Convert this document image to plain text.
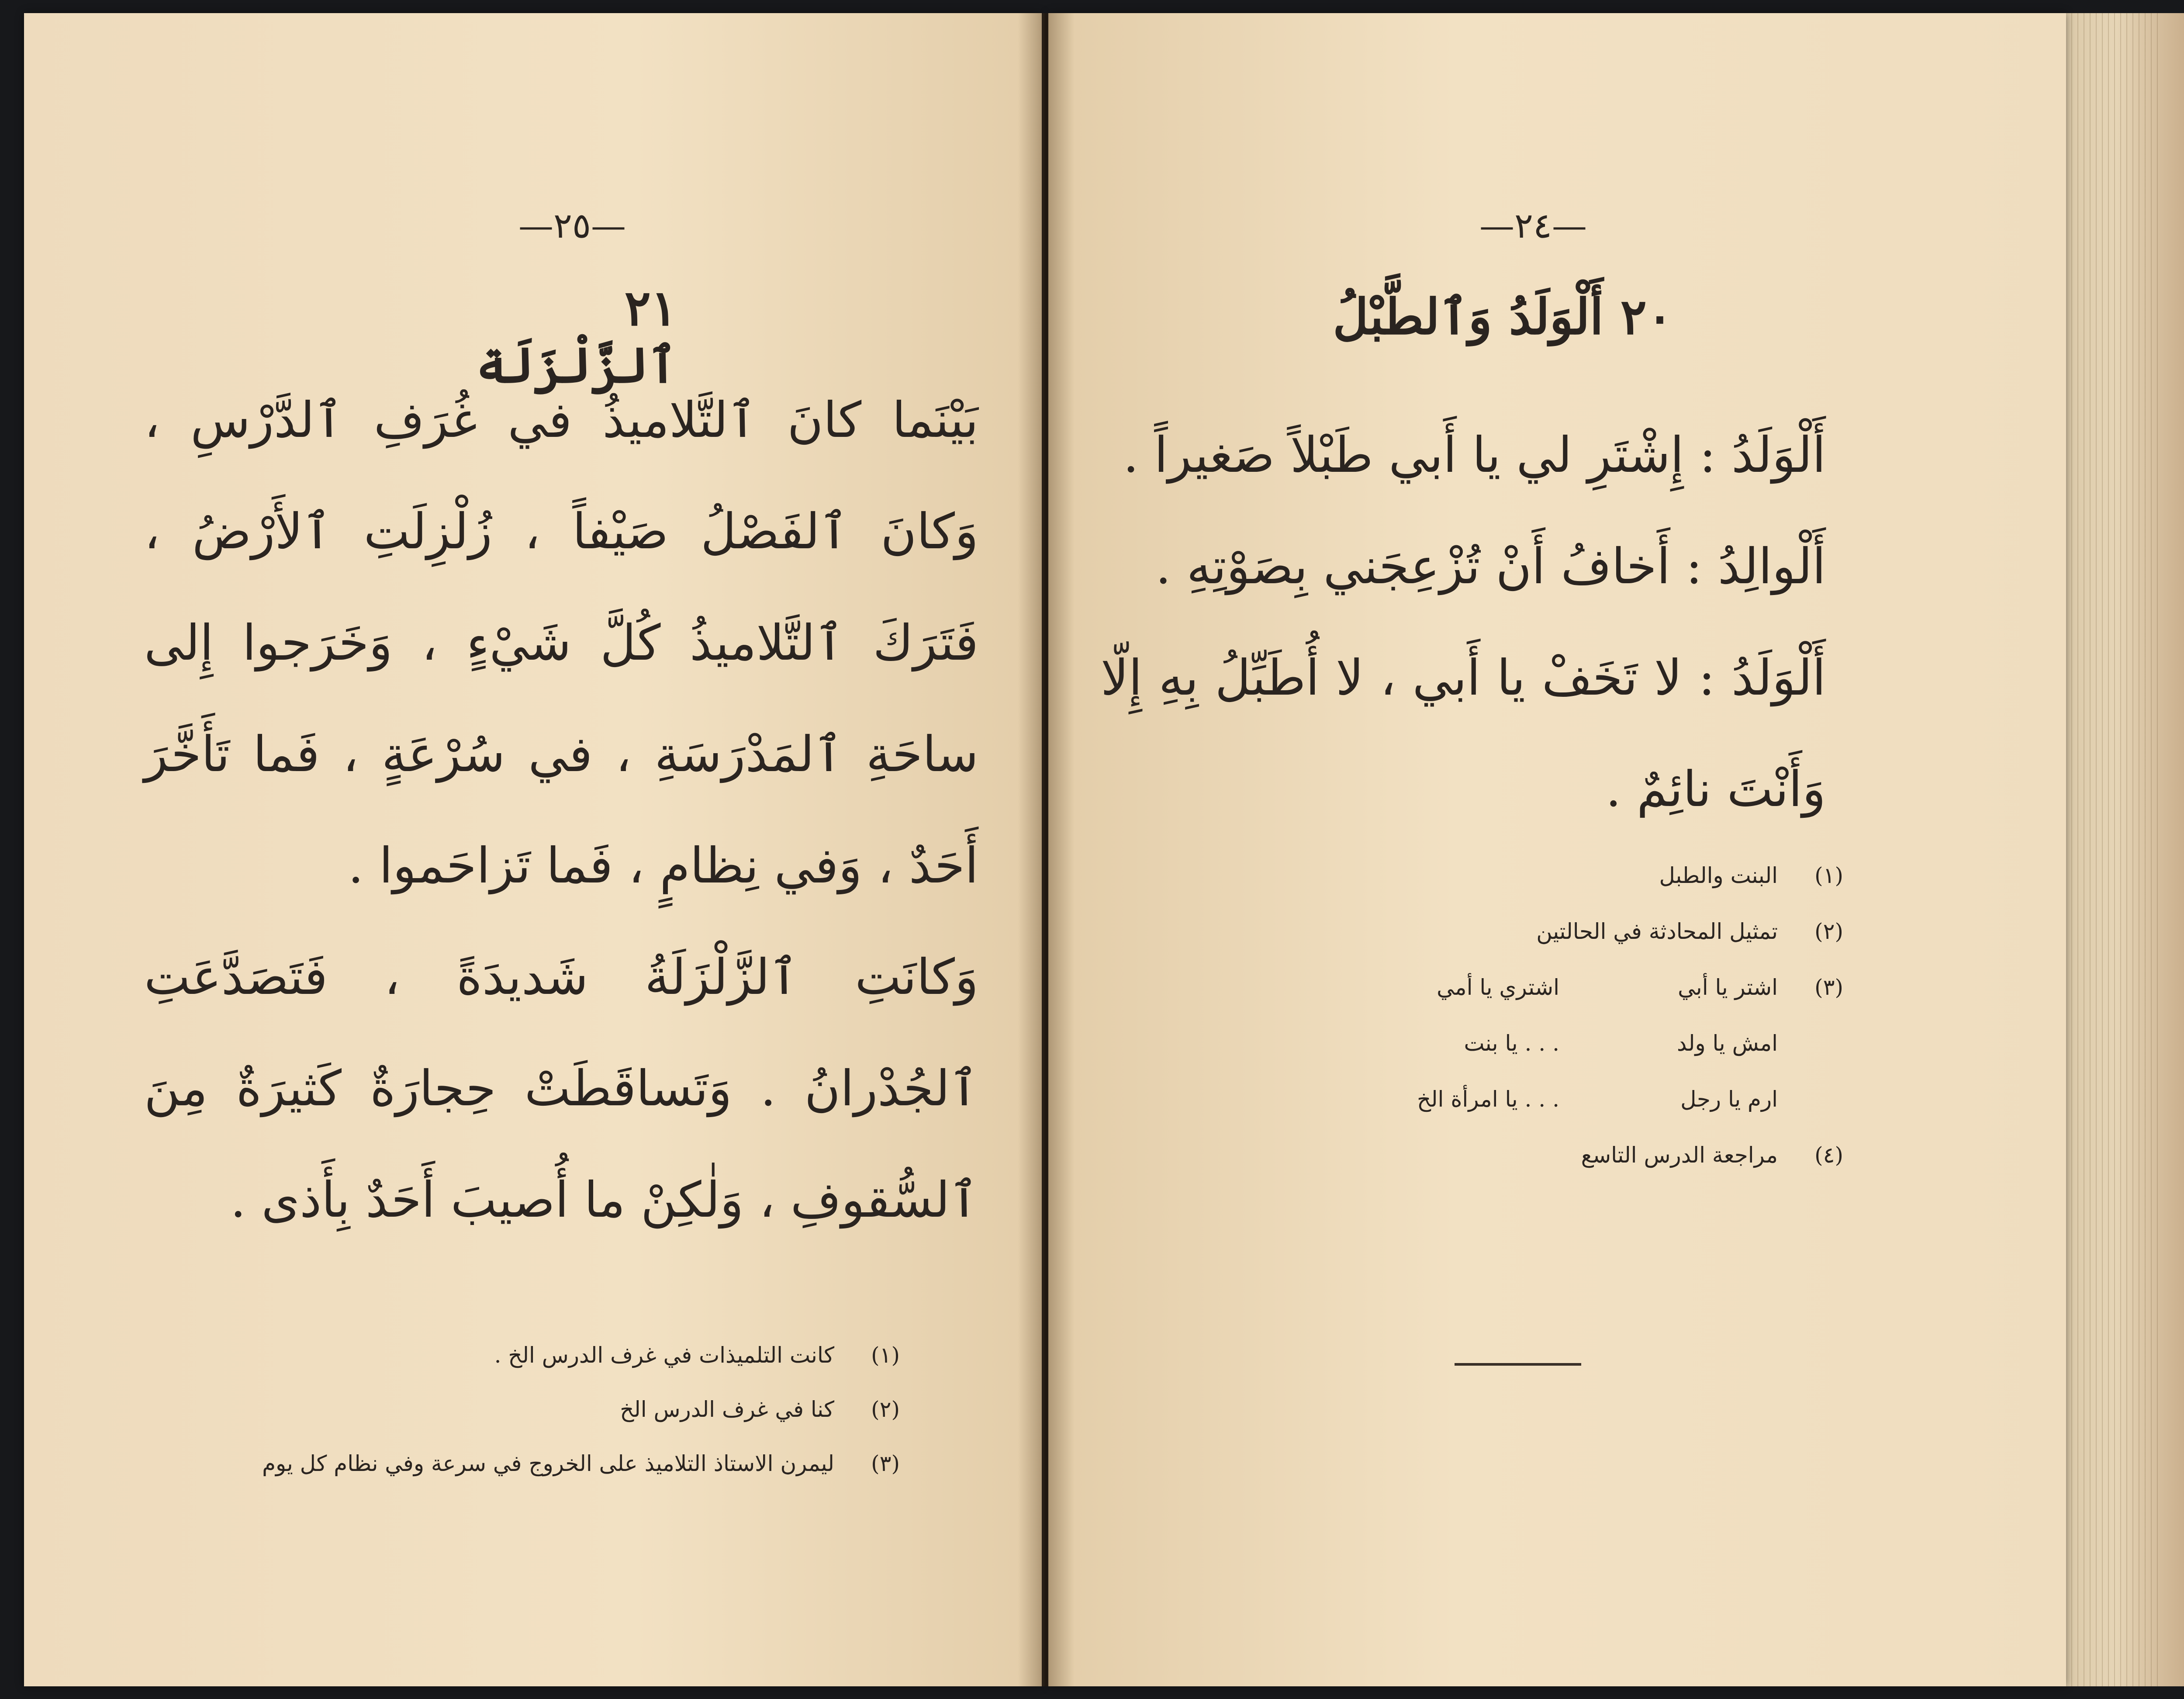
—٢٥—
٢١ ٱلزَّلْزَلَة

بَيْنَما كانَ ٱلتَّلاميذُ في غُرَفِ ٱلدَّرْسِ ، وَكانَ ٱلفَصْلُ صَيْفاً ، زُلْزِلَتِ ٱلأَرْضُ ، فَتَرَكَ ٱلتَّلاميذُ كُلَّ شَيْءٍ ، وَخَرَجوا إِلى ساحَةِ ٱلمَدْرَسَةِ ، في سُرْعَةٍ ، فَما تَأَخَّرَ أَحَدٌ ، وَفي نِظامٍ ، فَما تَزاحَموا .

وَكانَتِ ٱلزَّلْزَلَةُ شَديدَةً ، فَتَصَدَّعَتِ ٱلجُدْرانُ . وَتَساقَطَتْ حِجارَةٌ كَثيرَةٌ مِنَ ٱلسُّقوفِ ، وَلٰكِنْ ما أُصيبَ أَحَدٌ بِأَذى .

(١)
كانت التلميذات في غرف الدرس الخ .
(٢)
كنا في غرف الدرس الخ
(٣)
ليمرن الاستاذ التلاميذ على الخروج في سرعة وفي نظام كل يوم
—٢٤—
٢٠ أَلْوَلَدُ وَٱلطَّبْلُ

أَلْوَلَدُ : إِشْتَرِ لي يا أَبي طَبْلاً صَغيراً .

أَلْوالِدُ : أَخافُ أَنْ تُزْعِجَني بِصَوْتِهِ .

أَلْوَلَدُ : لا تَخَفْ يا أَبي ، لا أُطَبِّلُ بِهِ إِلّا وَأَنْتَ نائِمٌ .

(١)
البنت والطبل
(٢)
تمثيل المحادثة في الحالتين
(٣)
اشتر يا أبي
اشتري يا أمي
امش يا ولد
. . . يا بنت
ارم يا رجل
. . . يا امرأة الخ
(٤)
مراجعة الدرس التاسع
